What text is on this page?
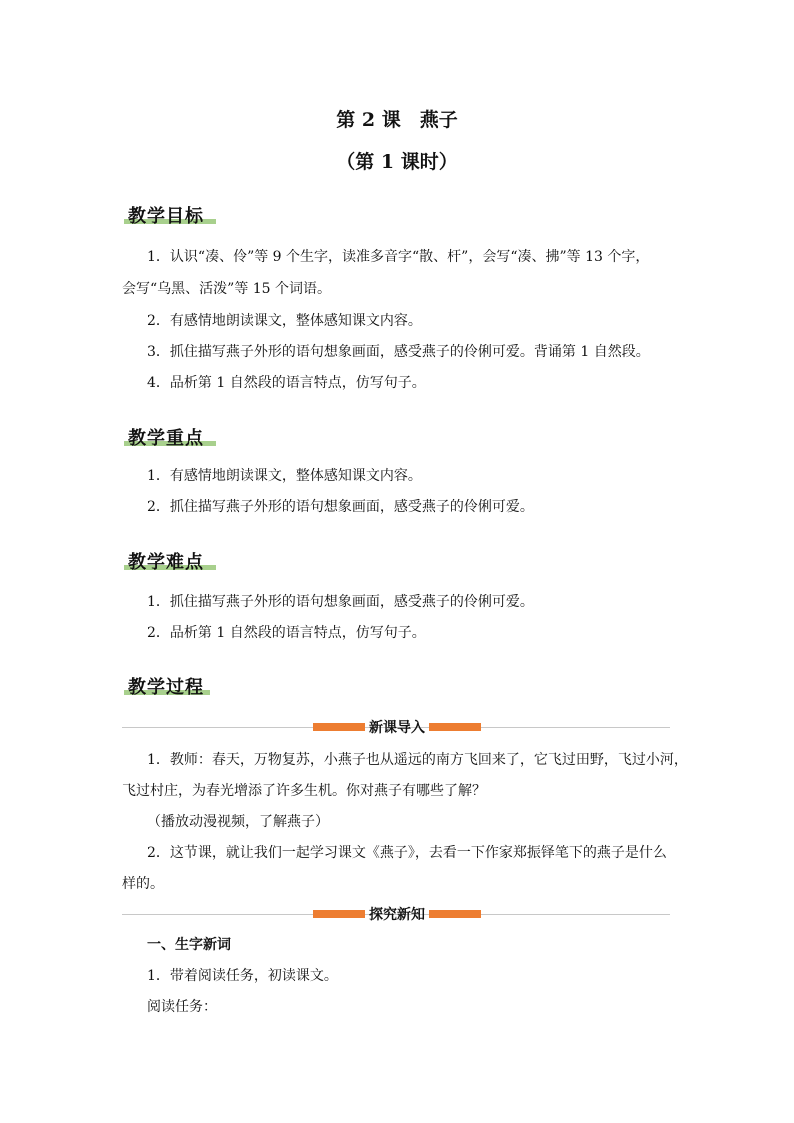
第 2 课　燕子
（第 1 课时）
教学目标
1．认识“凑、伶”等 9 个生字，读准多音字“散、杆”，会写“凑、拂”等 13 个字，
会写“乌黑、活泼”等 15 个词语。
2．有感情地朗读课文，整体感知课文内容。
3．抓住描写燕子外形的语句想象画面，感受燕子的伶俐可爱。背诵第 1 自然段。
4．品析第 1 自然段的语言特点，仿写句子。
教学重点
1．有感情地朗读课文，整体感知课文内容。
2．抓住描写燕子外形的语句想象画面，感受燕子的伶俐可爱。
教学难点
1．抓住描写燕子外形的语句想象画面，感受燕子的伶俐可爱。
2．品析第 1 自然段的语言特点，仿写句子。
教学过程
新课导入
1．教师：春天，万物复苏，小燕子也从遥远的南方飞回来了，它飞过田野，飞过小河，
飞过村庄，为春光增添了许多生机。你对燕子有哪些了解？
（播放动漫视频，了解燕子）
2．这节课，就让我们一起学习课文《燕子》，去看一下作家郑振铎笔下的燕子是什么
样的。
探究新知
一、生字新词
1．带着阅读任务，初读课文。
阅读任务：
